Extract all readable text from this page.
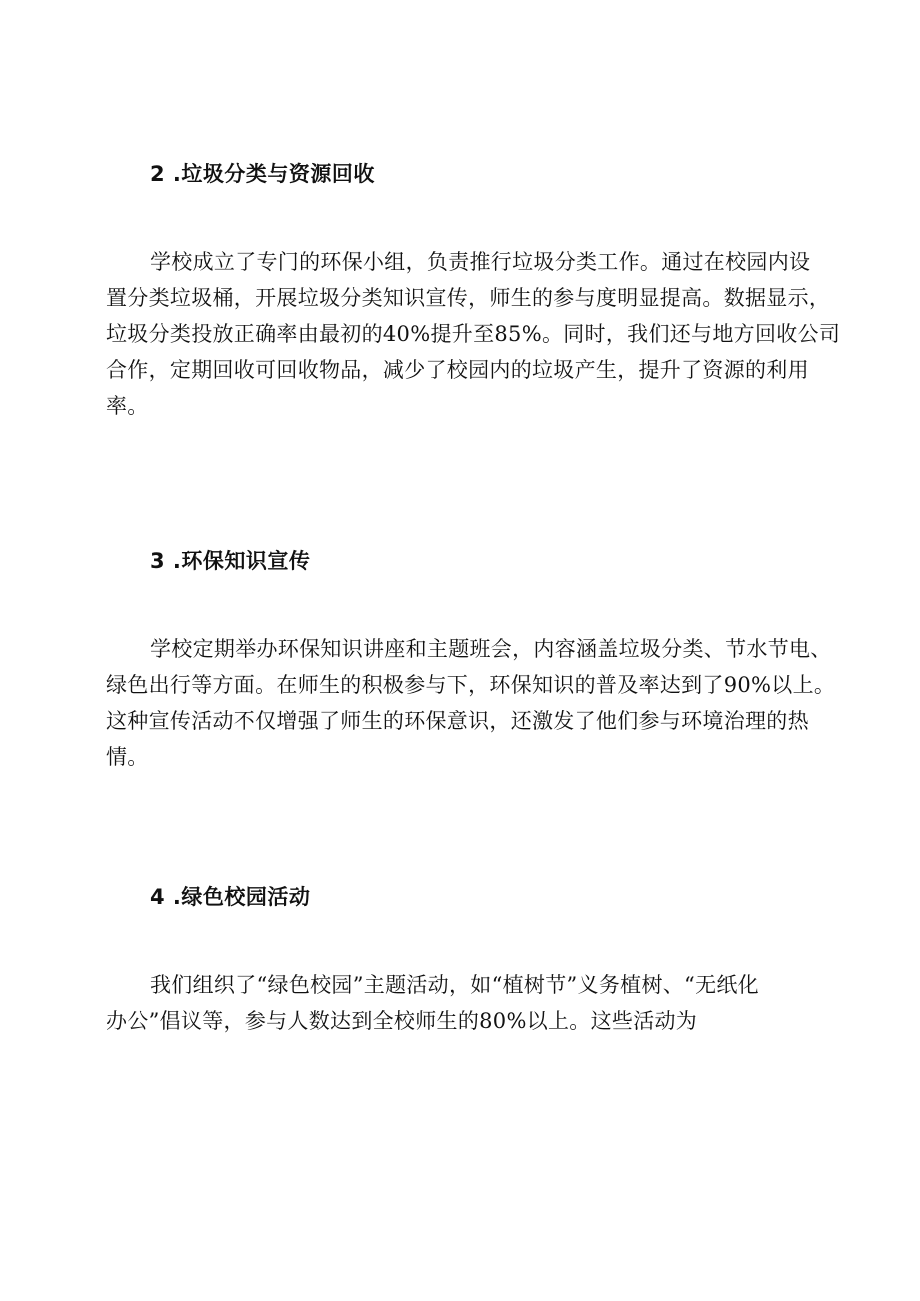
2 .垃圾分类与资源回收
学校成立了专门的环保小组，负责推行垃圾分类工作。通过在校园内设
置分类垃圾桶，开展垃圾分类知识宣传，师生的参与度明显提高。数据显示，
垃圾分类投放正确率由最初的40%提升至85%。同时，我们还与地方回收公司
合作，定期回收可回收物品，减少了校园内的垃圾产生，提升了资源的利用
率。
3 .环保知识宣传
学校定期举办环保知识讲座和主题班会，内容涵盖垃圾分类、节水节电、
绿色出行等方面。在师生的积极参与下，环保知识的普及率达到了90%以上。
这种宣传活动不仅增强了师生的环保意识，还激发了他们参与环境治理的热
情。
4 .绿色校园活动
我们组织了“绿色校园”主题活动，如“植树节”义务植树、“无纸化
办公”倡议等，参与人数达到全校师生的80%以上。这些活动为
